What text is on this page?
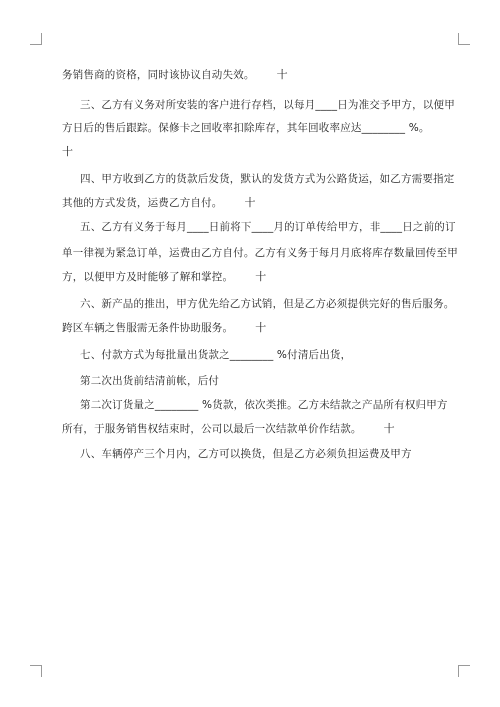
务销售商的资格，同时该协议自动失效。 十
三、乙方有义务对所安装的客户进行存档，以每月____日为准交予甲方，以便甲
方日后的售后跟踪。保修卡之回收率扣除库存，其年回收率应达________ %。
十
四、甲方收到乙方的货款后发货，默认的发货方式为公路货运，如乙方需要指定
其他的方式发货，运费乙方自付。 十
五、乙方有义务于每月____日前将下____月的订单传给甲方，非____日之前的订
单一律视为紧急订单，运费由乙方自付。乙方有义务于每月月底将库存数量回传至甲
方，以便甲方及时能够了解和掌控。 十
六、新产品的推出，甲方优先给乙方试销，但是乙方必须提供完好的售后服务。
跨区车辆之售服需无条件协助服务。 十
七、付款方式为每批量出货款之________ %付清后出货，
第二次出货前结清前帐，后付
第二次订货量之________ %货款，依次类推。乙方未结款之产品所有权归甲方
所有，于服务销售权结束时，公司以最后一次结款单价作结款。 十
八、车辆停产三个月内，乙方可以换货，但是乙方必须负担运费及甲方
